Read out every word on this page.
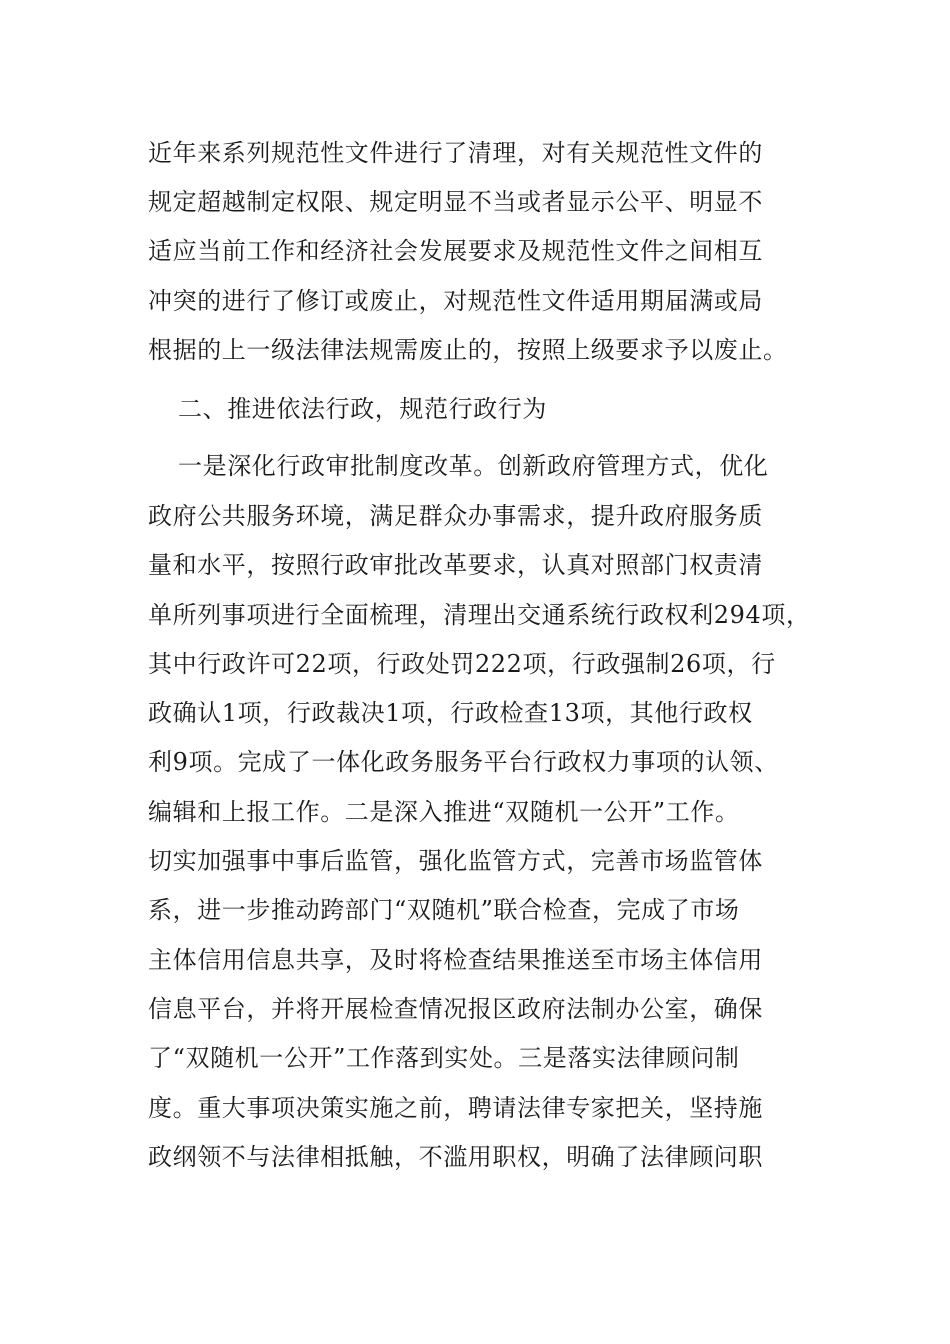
近年来系列规范性文件进行了清理，对有关规范性文件的
规定超越制定权限、规定明显不当或者显示公平、明显不
适应当前工作和经济社会发展要求及规范性文件之间相互
冲突的进行了修订或废止，对规范性文件适用期届满或局
根据的上一级法律法规需废止的，按照上级要求予以废止。
二、推进依法行政，规范行政行为
一是深化行政审批制度改革。创新政府管理方式，优化
政府公共服务环境，满足群众办事需求，提升政府服务质
量和水平，按照行政审批改革要求，认真对照部门权责清
单所列事项进行全面梳理，清理出交通系统行政权利294项，
其中行政许可22项，行政处罚222项，行政强制26项，行
政确认1项，行政裁决1项，行政检查13项，其他行政权
利9项。完成了一体化政务服务平台行政权力事项的认领、
编辑和上报工作。二是深入推进“双随机一公开”工作。
切实加强事中事后监管，强化监管方式，完善市场监管体
系，进一步推动跨部门“双随机”联合检查，完成了市场
主体信用信息共享，及时将检查结果推送至市场主体信用
信息平台，并将开展检查情况报区政府法制办公室，确保
了“双随机一公开”工作落到实处。三是落实法律顾问制
度。重大事项决策实施之前，聘请法律专家把关，坚持施
政纲领不与法律相抵触，不滥用职权，明确了法律顾问职
